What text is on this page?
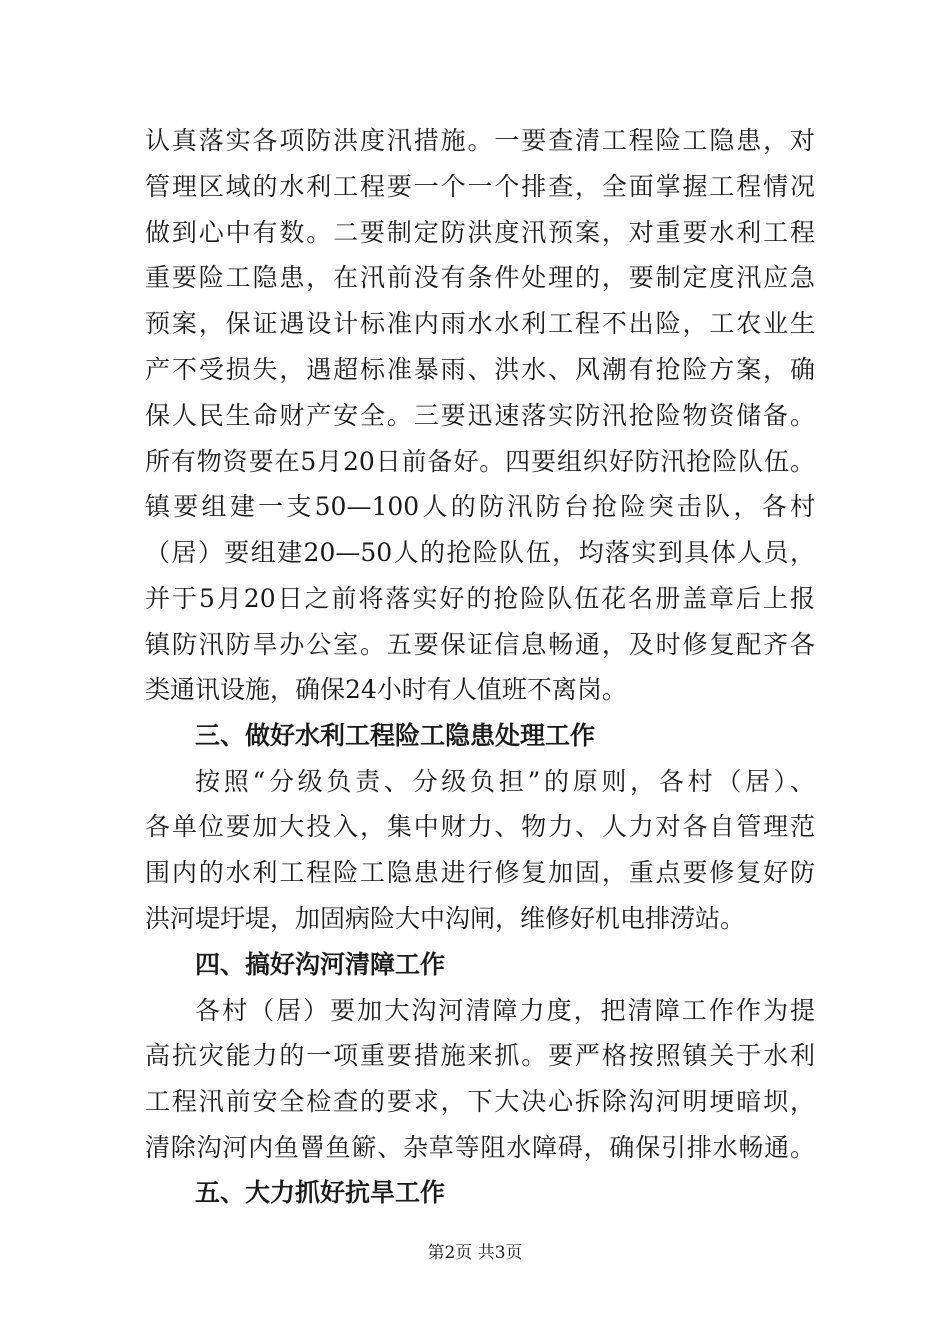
认真落实各项防洪度汛措施。一要查清工程险工隐患，对
管理区域的水利工程要一个一个排查，全面掌握工程情况
做到心中有数。二要制定防洪度汛预案，对重要水利工程
重要险工隐患，在汛前没有条件处理的，要制定度汛应急
预案，保证遇设计标准内雨水水利工程不出险，工农业生
产不受损失，遇超标准暴雨、洪水、风潮有抢险方案，确
保人民生命财产安全。三要迅速落实防汛抢险物资储备。
所有物资要在5月20日前备好。四要组织好防汛抢险队伍。
镇要组建一支50—100人的防汛防台抢险突击队，各村
（居）要组建20—50人的抢险队伍，均落实到具体人员，
并于5月20日之前将落实好的抢险队伍花名册盖章后上报
镇防汛防旱办公室。五要保证信息畅通，及时修复配齐各
类通讯设施，确保24小时有人值班不离岗。
三、做好水利工程险工隐患处理工作
按照“分级负责、分级负担”的原则，各村（居）、
各单位要加大投入，集中财力、物力、人力对各自管理范
围内的水利工程险工隐患进行修复加固，重点要修复好防
洪河堤圩堤，加固病险大中沟闸，维修好机电排涝站。
四、搞好沟河清障工作
各村（居）要加大沟河清障力度，把清障工作作为提
高抗灾能力的一项重要措施来抓。要严格按照镇关于水利
工程汛前安全检查的要求，下大决心拆除沟河明埂暗坝，
清除沟河内鱼罾鱼簖、杂草等阻水障碍，确保引排水畅通。
五、大力抓好抗旱工作
第2页 共3页
